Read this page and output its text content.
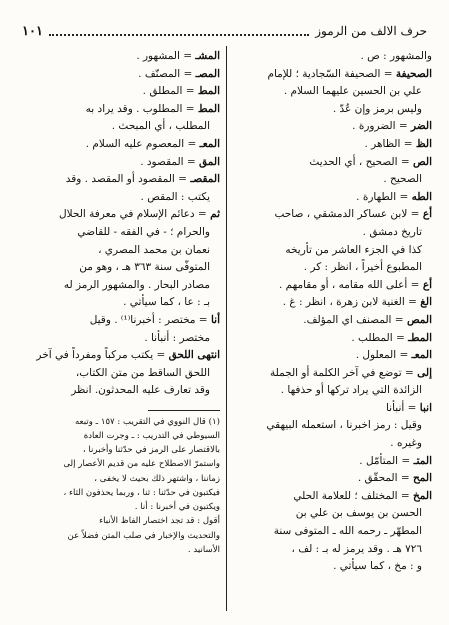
حرف الالف من الرموز
١٠١

والمشهور : ص .

الصحيفة = الصحيفة السّجادية ؛ للإمام

علي بن الحسين عليهما السلام .

وليس برمز وإن عُدّ .

الضر = الضرورة .

الظ = الظاهر .

الص = الصحيح ، أي الحديث

الصحيح .

الطه = الطهارة .

أع = لابن عساكر الدمشقي ، صاحب

تاريخ دمشق .

كذا في الجزء العاشر من تأريخه

المطبوع أخيراً ، انظر : كر .

أع = أعلى الله مقامه ، أو مقامهم .

الغ = الغنية لابن زهرة ، انظر : غ .

المص = المصنف اي المؤلف.

المطـ = المطلب .

المعـ = المعلول .

إلى = توضع في آخر الكلمة أو الجملة

الزائدة التي يراد تركها أو حذفها .

انبا = أنبأنا

وقيل : رمز اخبرنا ، استعمله البيهقي

وغيره .

المتـ = المتأمّل .

المح = المحقّق .

المخ = المختلف ؛ للعلامة الحلي

الحسن بن يوسف بن علي بن

المطهّر ـ رحمه الله ـ المتوفى سنة

٧٢٦ هـ . وقد يرمز له بـ : لف ،

و : مخ ، كما سيأتي .

المشـ = المشهور .

المصـ = المصنّف .

المط = المطلق .

المط = المطلوب . وقد يراد به

المطلب ، أي المبحث .

المعـ = المعصوم عليه السلام .

المق = المقصود .

المقصـ = المقصود أو المقصد . وقد

يكتب : المقص .

ثم = دعائم الإسلام في معرفة الحلال

والحرام ؛ - في الفقه - للقاضي

نعمان بن محمد المصري ،

المتوفّى سنة ٣٦٣ هـ ، وهو من

مصادر البحار . والمشهور الرمز له

بـ : عا ، كما سيأتي .

أنا = مختصر : أخبرنا⁽¹⁾ . وقيل

مختصر : أنبأنا .

انتهى اللحق = يكتب مركباً ومفرداً في آخر

اللحق الساقط من متن الكتاب،

وقد تعارف عليه المحدثون. انظر

(١) قال النووي في التقريب : ١٥٧ ـ وتبعه

السيوطي في التدريب : ـ وجرت العادة

بالاقتصار على الرمز في حدّثنا وأخبرنا ،

واستمرّ الاصطلاح عليه من قديم الأعصار إلى

زماننا ، واشتهر ذلك بحيث لا يخفى ،

فيكتبون في حدّثنا : ثنا ، وربما يحذفون الثاء ،

ويكتبون في أخبرنا : أنا .

أقول : قد تجد اختصار الفاظ الأنباء

والتحديث والإخبار في صلب المتن فضلاً عن

الأسانيد .
